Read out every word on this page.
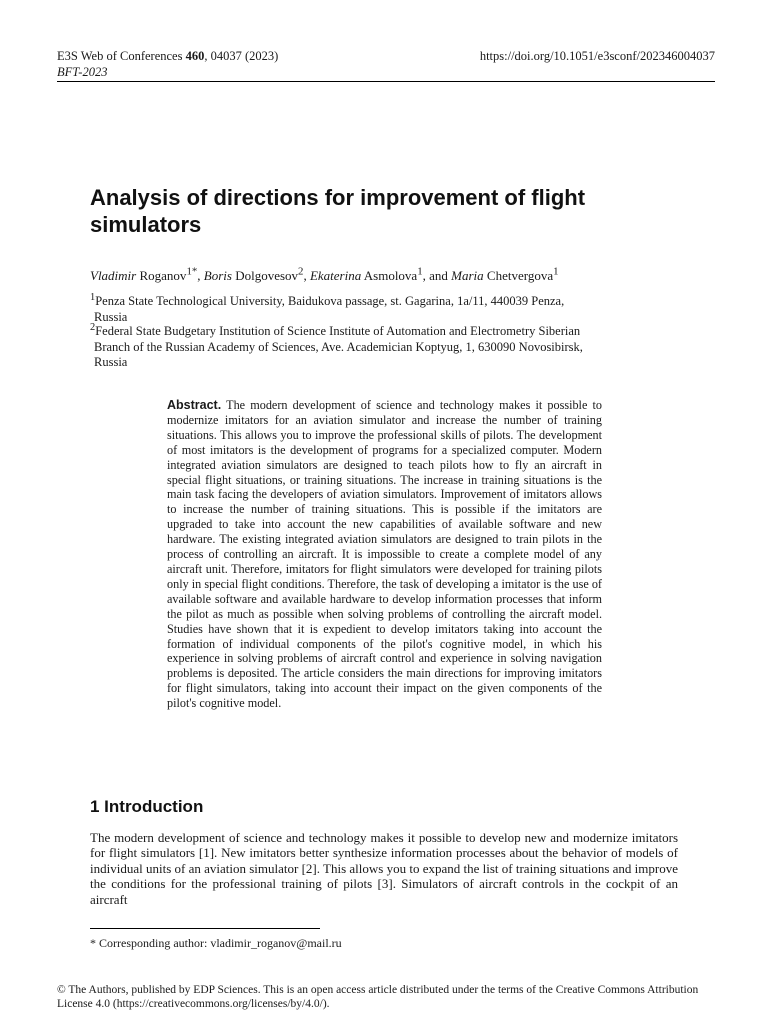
E3S Web of Conferences 460, 04037 (2023)	https://doi.org/10.1051/e3sconf/202346004037
BFT-2023
Analysis of directions for improvement of flight simulators
Vladimir Roganov$^{1*}$, Boris Dolgovesov$^2$, Ekaterina Asmolova$^1$, and Maria Chetvergova$^1$
$^1$Penza State Technological University, Baidukova passage, st. Gagarina, 1a/11, 440039 Penza,
Russia
$^2$Federal State Budgetary Institution of Science Institute of Automation and Electrometry Siberian
Branch of the Russian Academy of Sciences, Ave. Academician Koptyug, 1, 630090 Novosibirsk,
Russia
Abstract. The modern development of science and technology makes it possible to modernize imitators for an aviation simulator and increase the number of training situations. This allows you to improve the professional skills of pilots. The development of most imitators is the development of programs for a specialized computer. Modern integrated aviation simulators are designed to teach pilots how to fly an aircraft in special flight situations, or training situations. The increase in training situations is the main task facing the developers of aviation simulators. Improvement of imitators allows to increase the number of training situations. This is possible if the imitators are upgraded to take into account the new capabilities of available software and new hardware. The existing integrated aviation simulators are designed to train pilots in the process of controlling an aircraft. It is impossible to create a complete model of any aircraft unit. Therefore, imitators for flight simulators were developed for training pilots only in special flight conditions. Therefore, the task of developing a imitator is the use of available software and available hardware to develop information processes that inform the pilot as much as possible when solving problems of controlling the aircraft model. Studies have shown that it is expedient to develop imitators taking into account the formation of individual components of the pilot's cognitive model, in which his experience in solving problems of aircraft control and experience in solving navigation problems is deposited. The article considers the main directions for improving imitators for flight simulators, taking into account their impact on the given components of the pilot's cognitive model.
1 Introduction
The modern development of science and technology makes it possible to develop new and modernize imitators for flight simulators [1]. New imitators better synthesize information processes about the behavior of models of individual units of an aviation simulator [2]. This allows you to expand the list of training situations and improve the conditions for the professional training of pilots [3]. Simulators of aircraft controls in the cockpit of an aircraft
* Corresponding author: vladimir_roganov@mail.ru
© The Authors, published by EDP Sciences. This is an open access article distributed under the terms of the Creative Commons Attribution License 4.0 (https://creativecommons.org/licenses/by/4.0/).
